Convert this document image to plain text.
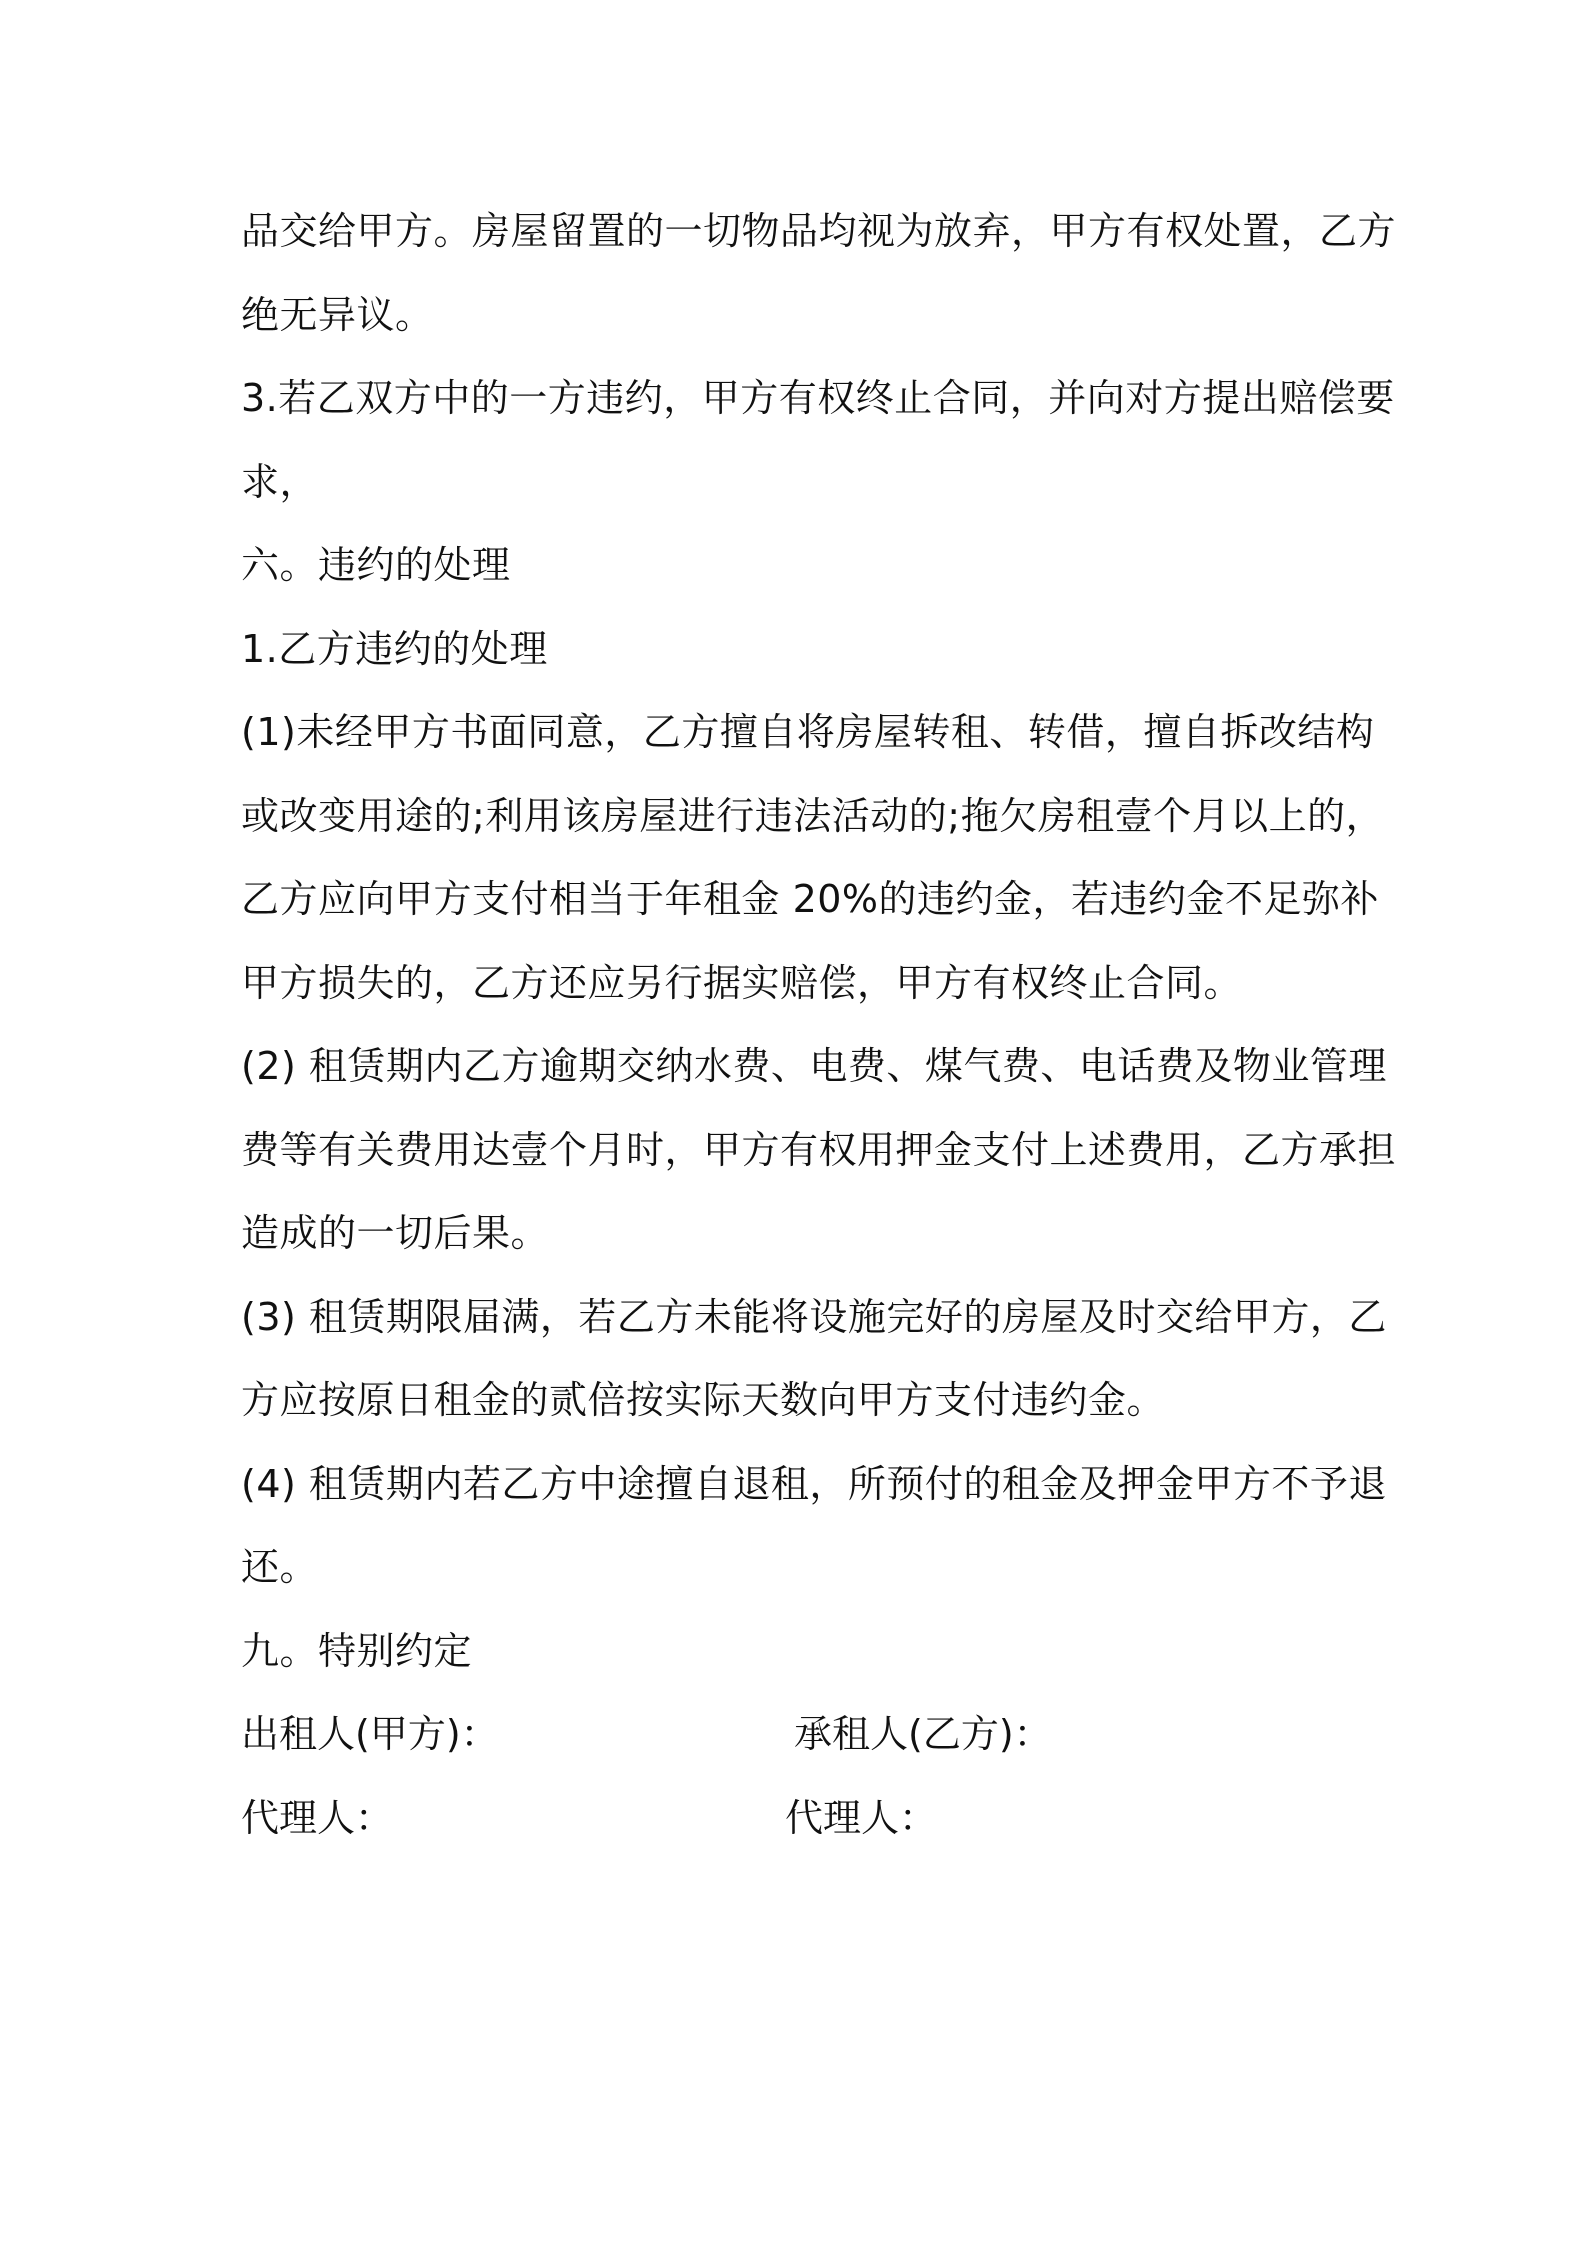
品交给甲方。房屋留置的一切物品均视为放弃，甲方有权处置，乙方
绝无异议。
3.若乙双方中的一方违约，甲方有权终止合同，并向对方提出赔偿要
求，
六。违约的处理
1.乙方违约的处理
(1)未经甲方书面同意，乙方擅自将房屋转租、转借，擅自拆改结构
或改变用途的;利用该房屋进行违法活动的;拖欠房租壹个月以上的，
乙方应向甲方支付相当于年租金 20%的违约金，若违约金不足弥补
甲方损失的，乙方还应另行据实赔偿，甲方有权终止合同。
(2) 租赁期内乙方逾期交纳水费、电费、煤气费、电话费及物业管理
费等有关费用达壹个月时，甲方有权用押金支付上述费用，乙方承担
造成的一切后果。
(3) 租赁期限届满，若乙方未能将设施完好的房屋及时交给甲方，乙
方应按原日租金的贰倍按实际天数向甲方支付违约金。
(4) 租赁期内若乙方中途擅自退租，所预付的租金及押金甲方不予退
还。
九。特别约定
出租人(甲方)：	承租人(乙方)：
代理人：	代理人：
